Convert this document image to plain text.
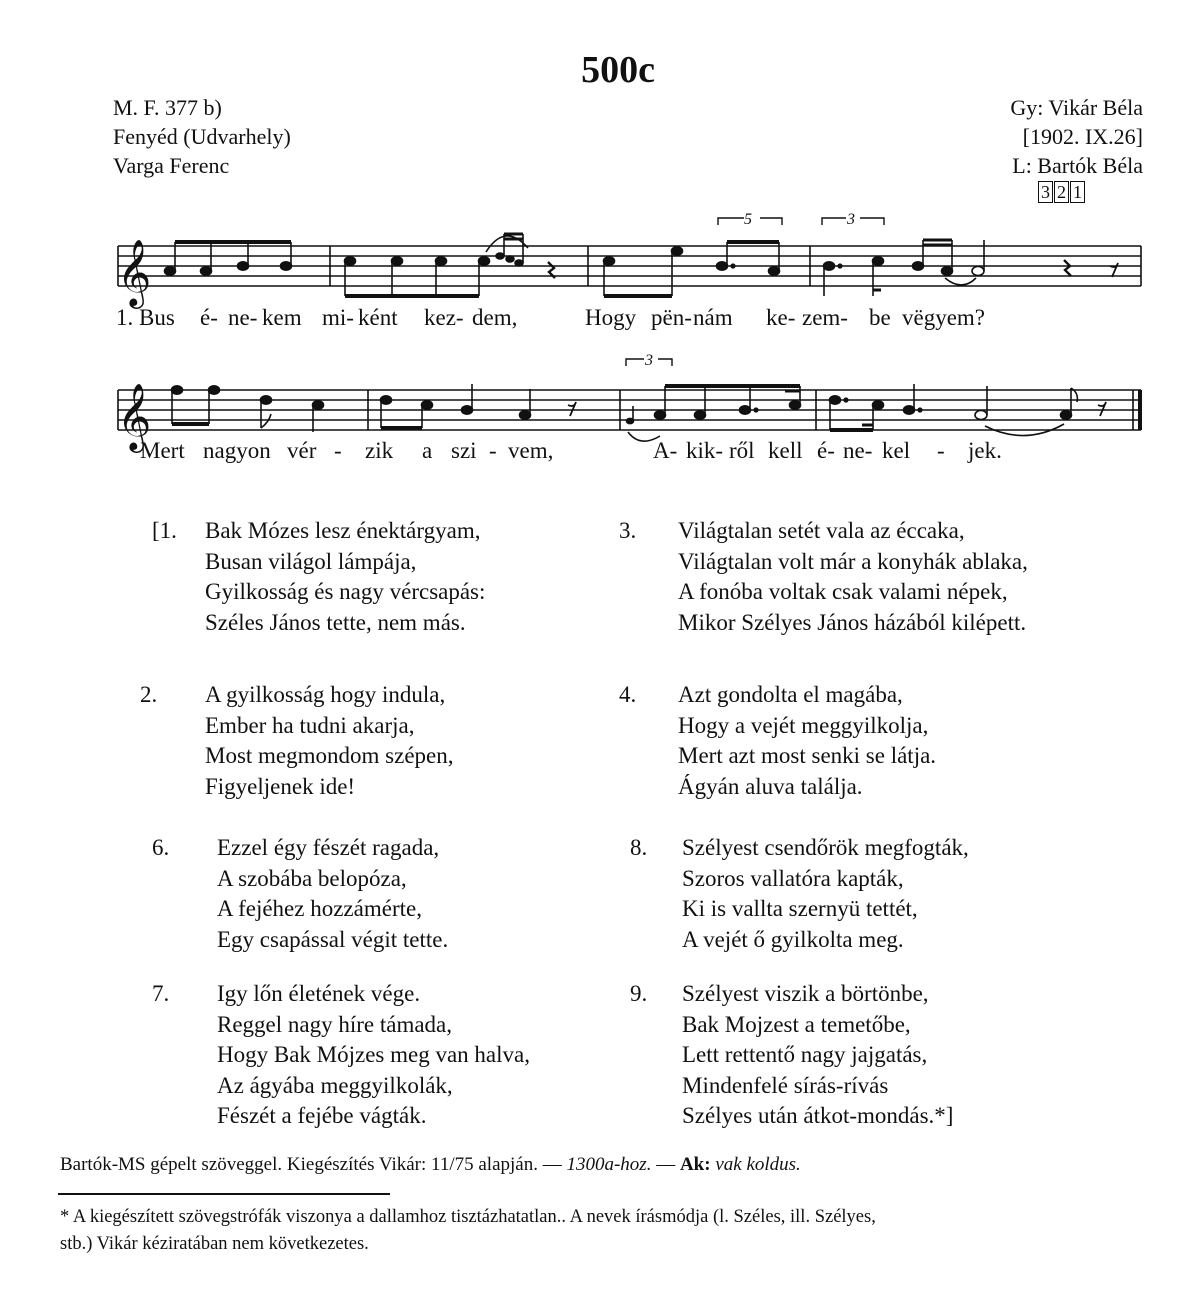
500c
M. F. 377 b)
Fenyéd (Udvarhely)
Varga Ferenc
Gy: Vikár Béla
[1902. IX.26]
L: Bartók Béla
3 2 1
𝄞
𝄞
5	3
3
1. Bus é- ne- kem mi- ként kez- dem,	Hogy pën- nám ke- zem- be vëgyem?
Mert nagyon vér - zik a szi - vem,	A- kik- ről kell é- ne- kel - jek.
[1. Bak Mózes lesz énektárgyam,
Busan világol lámpája,
Gyilkosság és nagy vércsapás:
Széles János tette, nem más.
2. A gyilkosság hogy indula,
Ember ha tudni akarja,
Most megmondom szépen,
Figyeljenek ide!
6. Ezzel égy fészét ragada,
A szobába belopóza,
A fejéhez hozzámérte,
Egy csapással végit tette.
7. Igy lőn életének vége.
Reggel nagy híre támada,
Hogy Bak Mójzes meg van halva,
Az ágyába meggyilkolák,
Fészét a fejébe vágták.
3. Világtalan setét vala az éccaka,
Világtalan volt már a konyhák ablaka,
A fonóba voltak csak valami népek,
Mikor Szélyes János házából kilépett.
4. Azt gondolta el magába,
Hogy a vejét meggyilkolja,
Mert azt most senki se látja.
Ágyán aluva találja.
8. Szélyest csendőrök megfogták,
Szoros vallatóra kapták,
Ki is vallta szernyü tettét,
A vejét ő gyilkolta meg.
9. Szélyest viszik a börtönbe,
Bak Mojzest a temetőbe,
Lett rettentő nagy jajgatás,
Mindenfelé sírás-rívás
Szélyes után átkot-mondás.*]
Bartók-MS gépelt szöveggel. Kiegészítés Vikár: 11/75 alapján. — 1300a-hoz. — Ak: vak koldus.
* A kiegészített szövegstrófák viszonya a dallamhoz tisztázhatatlan.. A nevek írásmódja (l. Széles, ill. Szélyes,
stb.) Vikár kéziratában nem következetes.
